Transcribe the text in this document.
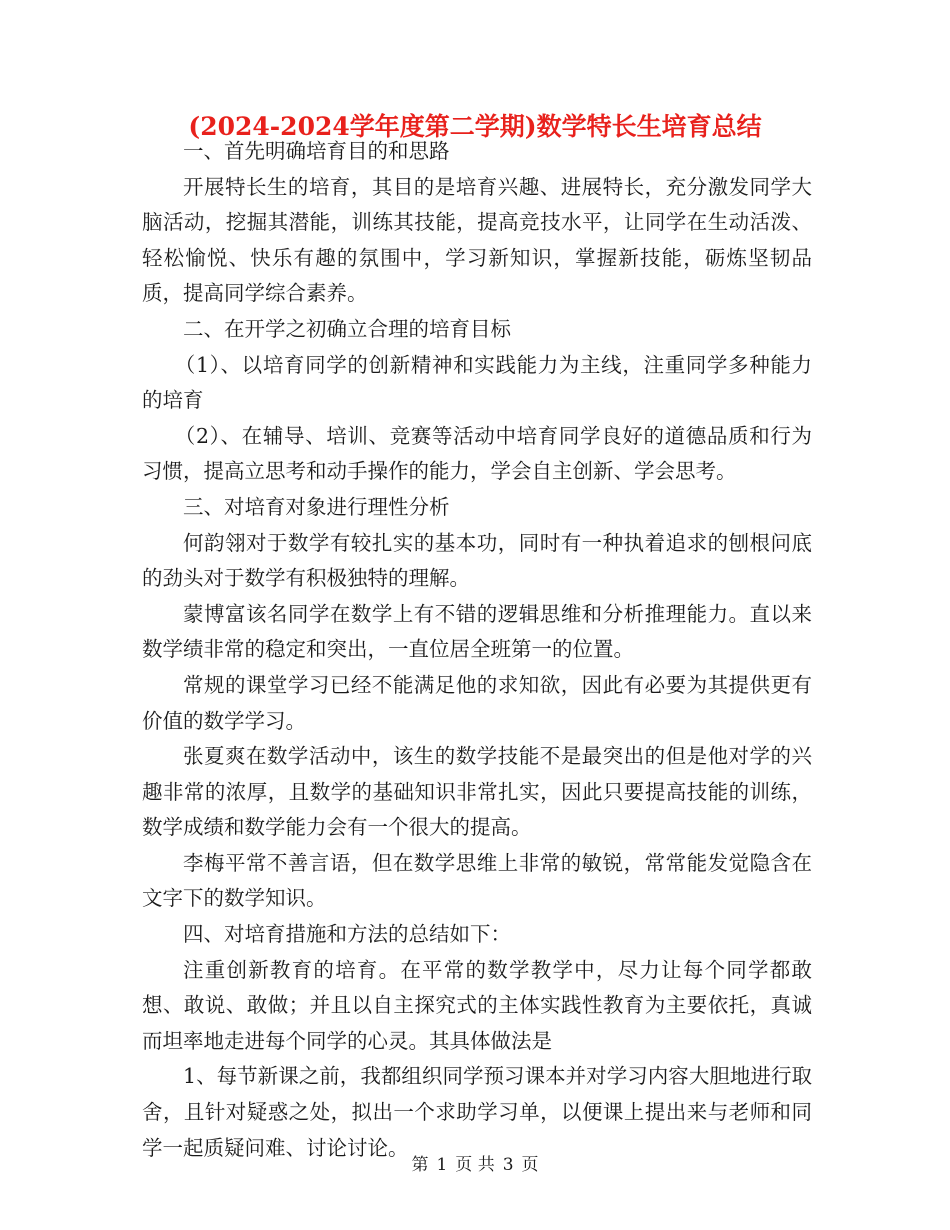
(2024-2024学年度第二学期)数学特长生培育总结

一、首先明确培育目的和思路

开展特长生的培育，其目的是培育兴趣、进展特长，充分激发同学大脑活动，挖掘其潜能，训练其技能，提高竞技水平，让同学在生动活泼、轻松愉悦、快乐有趣的氛围中，学习新知识，掌握新技能，砺炼坚韧品质，提高同学综合素养。

二、在开学之初确立合理的培育目标

（1）、以培育同学的创新精神和实践能力为主线，注重同学多种能力的培育

（2）、在辅导、培训、竞赛等活动中培育同学良好的道德品质和行为习惯，提高立思考和动手操作的能力，学会自主创新、学会思考。

三、对培育对象进行理性分析

何韵翎对于数学有较扎实的基本功，同时有一种执着追求的刨根问底的劲头对于数学有积极独特的理解。

蒙博富该名同学在数学上有不错的逻辑思维和分析推理能力。直以来数学绩非常的稳定和突出，一直位居全班第一的位置。

常规的课堂学习已经不能满足他的求知欲，因此有必要为其提供更有价值的数学学习。

张夏爽在数学活动中，该生的数学技能不是最突出的但是他对学的兴趣非常的浓厚，且数学的基础知识非常扎实，因此只要提高技能的训练，数学成绩和数学能力会有一个很大的提高。

李梅平常不善言语，但在数学思维上非常的敏锐，常常能发觉隐含在文字下的数学知识。

四、对培育措施和方法的总结如下：

注重创新教育的培育。在平常的数学教学中，尽力让每个同学都敢想、敢说、敢做；并且以自主探究式的主体实践性教育为主要依托，真诚而坦率地走进每个同学的心灵。其具体做法是

1、每节新课之前，我都组织同学预习课本并对学习内容大胆地进行取舍，且针对疑惑之处，拟出一个求助学习单，以便课上提出来与老师和同学一起质疑问难、讨论讨论。

第 1 页 共 3 页
